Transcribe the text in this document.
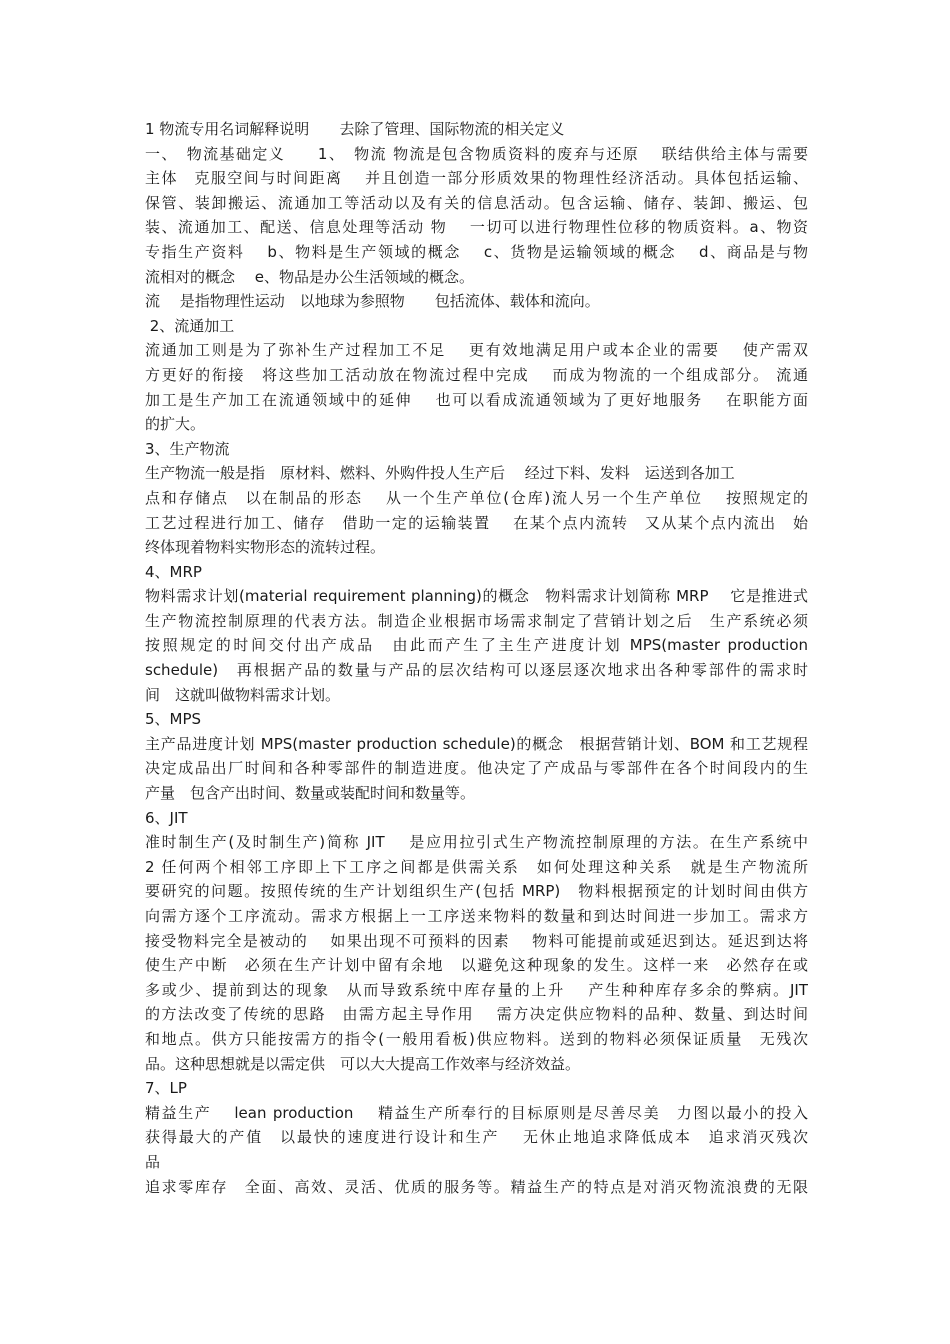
1 物流专用名词解释说明　　去除了管理、国际物流的相关定义
一、　物流基础定义　　1、　物流 物流是包含物质资料的废弃与还原　 联结供给主体与需要
主体　克服空间与时间距离　 并且创造一部分形质效果的物理性经济活动。具体包括运输、
保管、装卸搬运、流通加工等活动以及有关的信息活动。包含运输、储存、装卸、搬运、包
装、流通加工、配送、信息处理等活动 物　 一切可以进行物理性位移的物质资料。a、物资
专指生产资料　 b、物料是生产领域的概念　 c、货物是运输领域的概念　 d、商品是与物
流相对的概念　 e、物品是办公生活领域的概念。
流　 是指物理性运动　以地球为参照物　　包括流体、载体和流向。
2、流通加工
流通加工则是为了弥补生产过程加工不足　 更有效地满足用户或本企业的需要　 使产需双
方更好的衔接　将这些加工活动放在物流过程中完成　 而成为物流的一个组成部分。 流通
加工是生产加工在流通领域中的延伸　 也可以看成流通领域为了更好地服务　 在职能方面
的扩大。
3、生产物流
生产物流一般是指　原材料、燃料、外购件投人生产后　 经过下料、发料　运送到各加工
点和存储点　以在制品的形态　 从一个生产单位(仓库)流人另一个生产单位　 按照规定的
工艺过程进行加工、储存　借助一定的运输装置　 在某个点内流转　又从某个点内流出　始
终体现着物料实物形态的流转过程。
4、MRP
物料需求计划(material requirement planning)的概念　物料需求计划简称 MRP　 它是推进式
生产物流控制原理的代表方法。制造企业根据市场需求制定了营销计划之后　生产系统必须
按照规定的时间交付出产成品　由此而产生了主生产进度计划 MPS(master production
schedule)　再根据产品的数量与产品的层次结构可以逐层逐次地求出各种零部件的需求时
间　这就叫做物料需求计划。
5、MPS
主产品进度计划 MPS(master production schedule)的概念　根据营销计划、BOM 和工艺规程
决定成品出厂时间和各种零部件的制造进度。他决定了产成品与零部件在各个时间段内的生
产量　包含产出时间、数量或装配时间和数量等。
6、JIT
准时制生产(及时制生产)简称 JIT　 是应用拉引式生产物流控制原理的方法。在生产系统中
2 任何两个相邻工序即上下工序之间都是供需关系　如何处理这种关系　就是生产物流所
要研究的问题。按照传统的生产计划组织生产(包括 MRP)　物料根据预定的计划时间由供方
向需方逐个工序流动。需求方根据上一工序送来物料的数量和到达时间进一步加工。需求方
接受物料完全是被动的　 如果出现不可预料的因素　 物料可能提前或延迟到达。延迟到达将
使生产中断　必须在生产计划中留有余地　以避免这种现象的发生。这样一来　必然存在或
多或少、提前到达的现象　从而导致系统中库存量的上升　 产生种种库存多余的弊病。JIT
的方法改变了传统的思路　由需方起主导作用　 需方决定供应物料的品种、数量、到达时间
和地点。供方只能按需方的指令(一般用看板)供应物料。送到的物料必须保证质量　无残次
品。这种思想就是以需定供　可以大大提高工作效率与经济效益。
7、LP
精益生产　 lean production　 精益生产所奉行的目标原则是尽善尽美　力图以最小的投入
获得最大的产值　以最快的速度进行设计和生产　 无休止地追求降低成本　追求消灭残次
品
追求零库存　全面、高效、灵活、优质的服务等。精益生产的特点是对消灭物流浪费的无限
